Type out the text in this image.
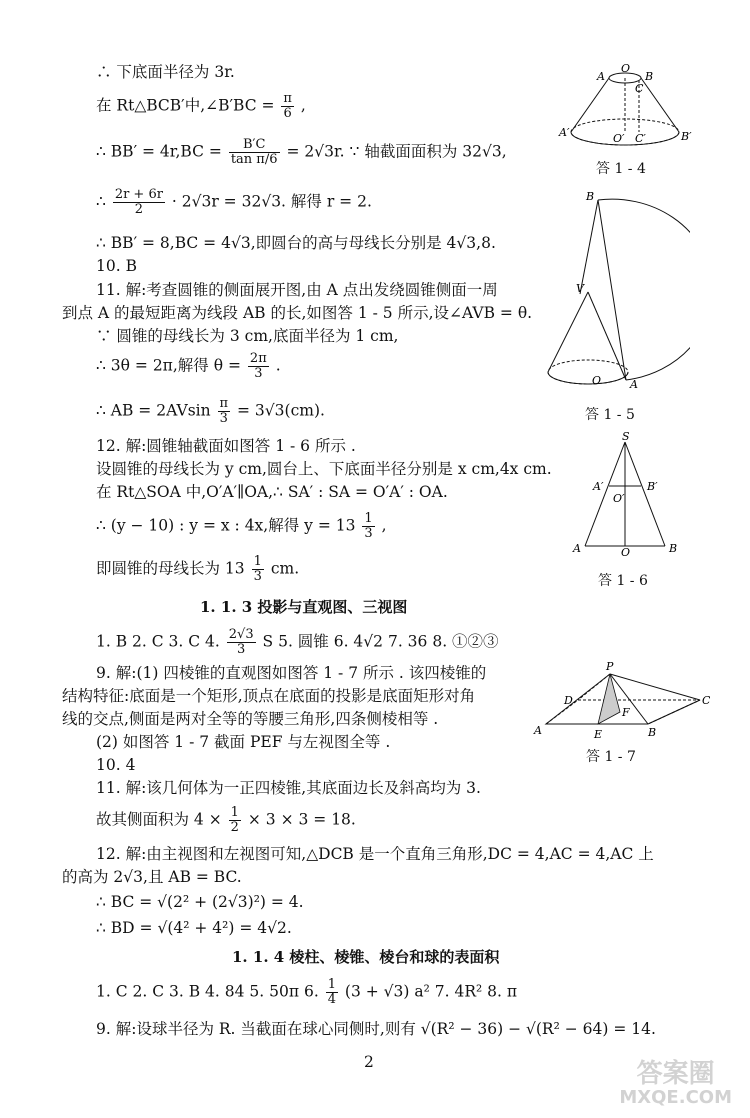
∴ 下底面半径为 3r.
在 Rt△BCB′中,∠B′BC = $\frac{\pi}{6}$ ,
∴ $BB' = 4r,BC = \frac{B'C}{\text{tan π/6}} = 2√3r$. ∵ 轴截面面积为 32√3,
∴ $\frac{2r + 6r}{2} \cdot 2√3r = 32√3$. 解得 r = 2.
∴ BB′ = 8,BC = 4√3,即圆台的高与母线长分别是 4√3,8.
10. B
11. 解:考查圆锥的侧面展开图,由 A 点出发绕圆锥侧面一周
到点 A 的最短距离为线段 AB 的长,如图答 1 - 5 所示,设∠AVB = θ.
∵ 圆锥的母线长为 3 cm,底面半径为 1 cm,
∴ 3θ = 2π,解得 $\theta = \frac{2\pi}{3}$ .
∴ AB = $2AVsin \frac{\pi}{3} = 3√3(cm)$.
12. 解:圆锥轴截面如图答 1 - 6 所示 .
设圆锥的母线长为 y cm,圆台上、下底面半径分别是 x cm,4x cm.
在 Rt△SOA 中,O′A′∥OA,∴ SA′ : SA = O′A′ : OA.
∴ (y − 10) : y = x : 4x,解得 $y = 13 \frac{1}{3}$ ,
即圆锥的母线长为 $13 \frac{1}{3}$ cm.
1. 1. 3 投影与直观图、三视图
1. B 2. C 3. C 4. $\frac{2√3}{3}$ S 5. 圆锥 6. 4√2 7. 36 8. ①②③
9. 解:(1) 四棱锥的直观图如图答 1 - 7 所示 . 该四棱锥的
结构特征:底面是一个矩形,顶点在底面的投影是底面矩形对角
线的交点,侧面是两对全等的等腰三角形,四条侧棱相等 .
(2) 如图答 1 - 7 截面 PEF 与左视图全等 .
10. 4
11. 解:该几何体为一正四棱锥,其底面边长及斜高均为 3.
故其侧面积为 $4 \times \frac{1}{2} \times 3 \times 3 = 18$.
12. 解:由主视图和左视图可知,△DCB 是一个直角三角形,DC = 4,AC = 4,AC 上
的高为 2√3,且 AB = BC.
∴ BC = √(2² + (2√3)²) = 4.
∴ BD = √(4² + 4²) = 4√2.
1. 1. 4 棱柱、棱锥、棱台和球的表面积
1. C 2. C 3. B 4. 84 5. 50π 6. $\frac{1}{4} (3 + √3)$ a² 7. 4R² 8. π
9. 解:设球半径为 R. 当截面在球心同侧时,则有 √(R² − 36) − √(R² − 64) = 14.
2
A
O
B
C
A′	O′ C′	B′
答 1 - 4
B
V
O	A
答 1 - 5
S
A′
O′
B′
A	O	B
答 1 - 6
P
D	C
F
A	E	B
答 1 - 7
答案圈
MXQE.COM
